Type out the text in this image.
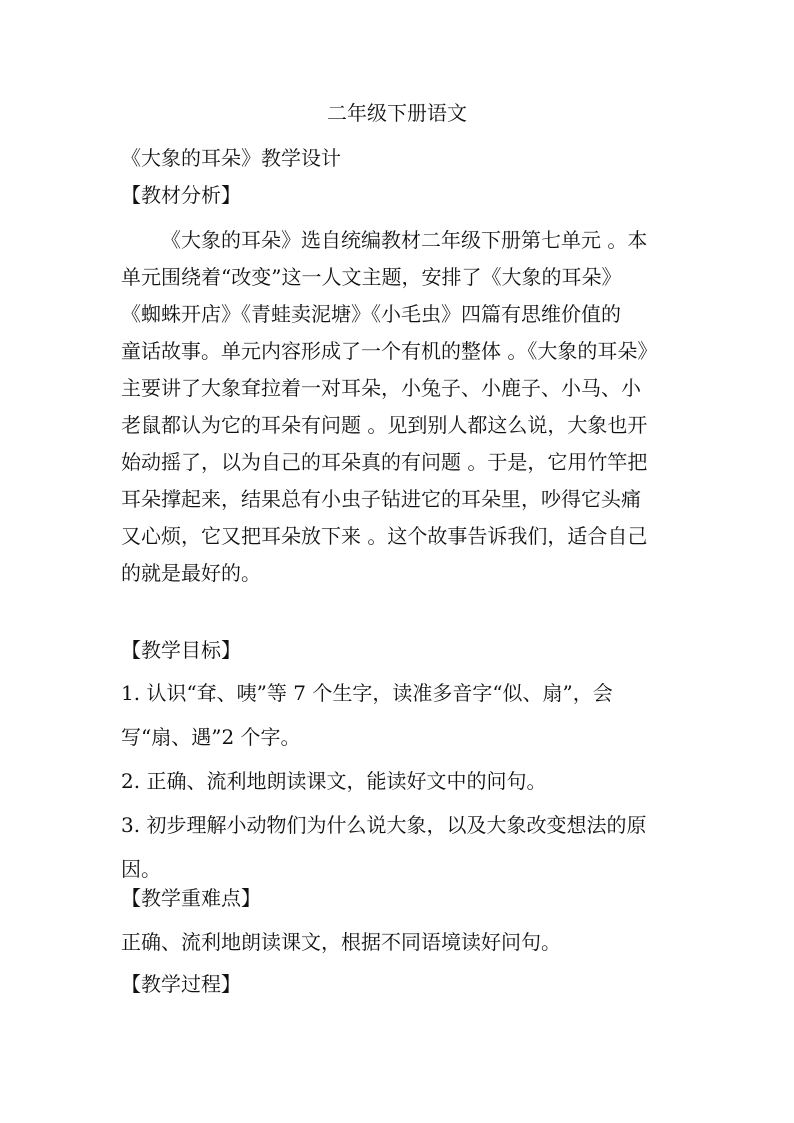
二年级下册语文
《大象的耳朵》教学设计
【教材分析】
《大象的耳朵》选自统编教材二年级下册第七单元 。本
单元围绕着“改变”这一人文主题，安排了《大象的耳朵》
《蜘蛛开店》《青蛙卖泥塘》《小毛虫》四篇有思维价值的
童话故事。单元内容形成了一个有机的整体 。《大象的耳朵》
主要讲了大象耷拉着一对耳朵，小兔子、小鹿子、小马、小
老鼠都认为它的耳朵有问题 。见到别人都这么说，大象也开
始动摇了，以为自己的耳朵真的有问题 。于是，它用竹竿把
耳朵撑起来，结果总有小虫子钻进它的耳朵里，吵得它头痛
又心烦，它又把耳朵放下来 。这个故事告诉我们，适合自己
的就是最好的。
【教学目标】
1. 认识“耷、咦”等 7 个生字，读准多音字“似、扇”，会
写“扇、遇”2 个字。
2. 正确、流利地朗读课文，能读好文中的问句。
3. 初步理解小动物们为什么说大象，以及大象改变想法的原
因。
【教学重难点】
正确、流利地朗读课文，根据不同语境读好问句。
【教学过程】
